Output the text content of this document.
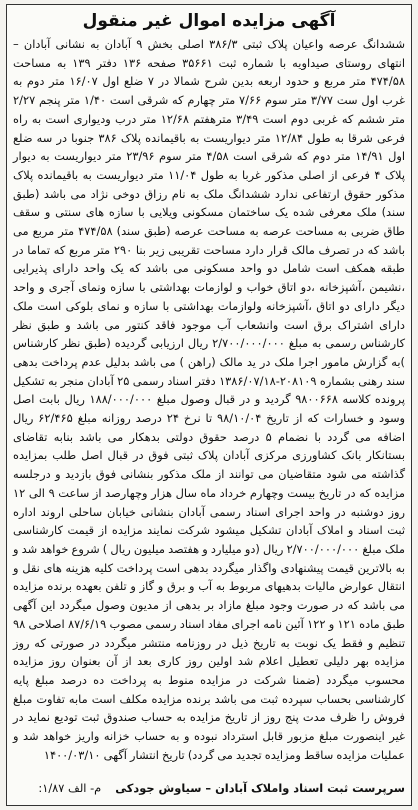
آگهی مزایده اموال غیر منقول

ششدانگ عرصه واعیان پلاک ثبتی ۳۸۶/۳ اصلی بخش ۹ آبادان به نشانی آبادان – انتهای روستای صیداویه با شماره ثبت ۳۵۶۶۱ صفحه ۱۳۶ دفتر ۱۳۹ به مساحت ۴۷۴/۵۸ متر مربع و حدود اربعه بدین شرح شمالا در ۷ ضلع اول ۱۶/۰۷ متر دوم به غرب اول ست ۳/۷۷ متر سوم ۷/۶۶ متر چهارم که شرقی است ۱/۴۰ متر پنجم ۲/۲۷ متر ششم که غربی دوم است ۳/۴۹ مترهفتم ۱۲/۶۸ متر درب ودیواری است به راه فرعی شرقا به طول ۱۲/۸۴ متر دیواریست به باقیمانده پلاک ۳۸۶ جنوبا در سه ضلع اول ۱۴/۹۱ متر دوم که شرقی است ۴/۵۸ متر سوم ۲۳/۹۶ متر دیواریست به دیوار پلاک ۴ فرعی از اصلی مذکور غربا به طول ۱۱/۰۴ متر دیواریست به باقیمانده پلاک مذکور حقوق ارتفاعی ندارد ششدانگ ملک به نام رزاق دوخی نژاد می باشد (طبق سند) ملک معرفی شده یک ساختمان مسکونی ویلایی با سازه های سنتی و سقف طاق ضربی به مساحت عرصه به مساحت عرصه (طبق سند) ۴۷۴/۵۸ متر مربع می باشد که در تصرف مالک قرار دارد مساحت تقریبی زیر بنا ۲۹۰ متر مربع که تماما در طبقه همکف است شامل دو واحد مسکونی می باشد که یک واحد دارای پذیرایی ،نشیمن ،آشپزخانه ،دو اتاق خواب و لوازمات بهداشتی با سازه ونمای آجری و واحد دیگر دارای دو اتاق ،آشپزخانه ولوازمات بهداشتی با سازه و نمای بلوکی است ملک دارای اشتراک برق است وانشعاب آب موجود فاقد کنتور می باشد و طبق نظر کارشناس رسمی به مبلغ ۲/۷۰۰/۰۰۰/۰۰۰ ریال ارزیابی گردیده (طبق نظر کارشناس )به گزارش مامور اجرا ملک در ید مالک (راهن ) می باشد بدلیل عدم پرداخت بدهی سند رهنی بشماره ۲۰۸۱۰۹-۱۳۸۶/۰۷/۱۸ دفتر اسناد رسمی ۲۵ آبادان منجر به تشکیل پرونده کلاسه ۹۸۰۰۶۶۸ گردید و در قبال وصول مبلغ ۱۸۸/۰۰۰/۰۰۰ ریال بابت اصل وسود و خسارات که از تاریخ ۹۸/۱۰/۰۴ تا نرخ ۲۴ درصد روزانه مبلغ ۶۲/۴۶۵ ریال اضافه می گردد با نضمام ۵ درصد حقوق دولتی بدهکار می باشد بنابه تقاضای بستانکار بانک کشاورزی مرکزی آبادان پلاک ثبتی فوق در قبال اصل طلب بمزایده گذاشته می شود متقاضیان می توانند از ملک مذکور بنشانی فوق بازدید و درجلسه مزایده که در تاریخ بیست وچهارم خرداد ماه سال هزار وچهارصد از ساعت ۹ الی ۱۲ روز دوشنبه در واحد اجرای اسناد رسمی آبادان بنشانی خیابان ساحلی اروند اداره ثبت اسناد و املاک آبادان تشکیل میشود شرکت نمایند مزایده از قیمت کارشناسی ملک مبلغ ۲/۷۰۰/۰۰۰/۰۰۰ ریال (دو میلیارد و هفتصد میلیون ریال ) شروع خواهد شد و به بالاترین قیمت پیشنهادی واگذار میگردد بدهی است پرداخت کلیه هزینه های نقل و انتقال عوارض مالیات بدهیهای مربوط به آب و برق و گاز و تلفن بعهده برنده مزایده می باشد که در صورت وجود مبلغ مازاد بر بدهی از مدیون وصول میگردد این آگهی طبق ماده ۱۲۱ و ۱۲۲ آئین نامه اجرای مفاد اسناد رسمی مصوب ۸۷/۶/۱۹ اصلاحی ۹۸ تنظیم و فقط یک نوبت به تاریخ ذیل در روزنامه منتشر میگردد در صورتی که روز مزایده بهر دلیلی تعطیل اعلام شد اولین روز کاری بعد از آن بعنوان روز مزایده محسوب میگردد (ضمنا شرکت در مزایده منوط به پرداخت ده درصد مبلغ پایه کارشناسی بحساب سپرده ثبت می باشد برنده مزایده مکلف است مابه تفاوت مبلغ فروش را ظرف مدت پنج روز از تاریخ مزایده به حساب صندوق ثبت تودیع نماید در غیر اینصورت مبلغ مزبور قابل استرداد نبوده و به حساب خزانه واریز خواهد شد و عملیات مزایده ساقط ومزایده تجدید می گردد) تاریخ انتشار آگهی ۱۴۰۰/۰۳/۱۰

سرپرست ثبت اسناد واملاک آبادان – سیاوش جودکی م- الف ۱/۸۷:
